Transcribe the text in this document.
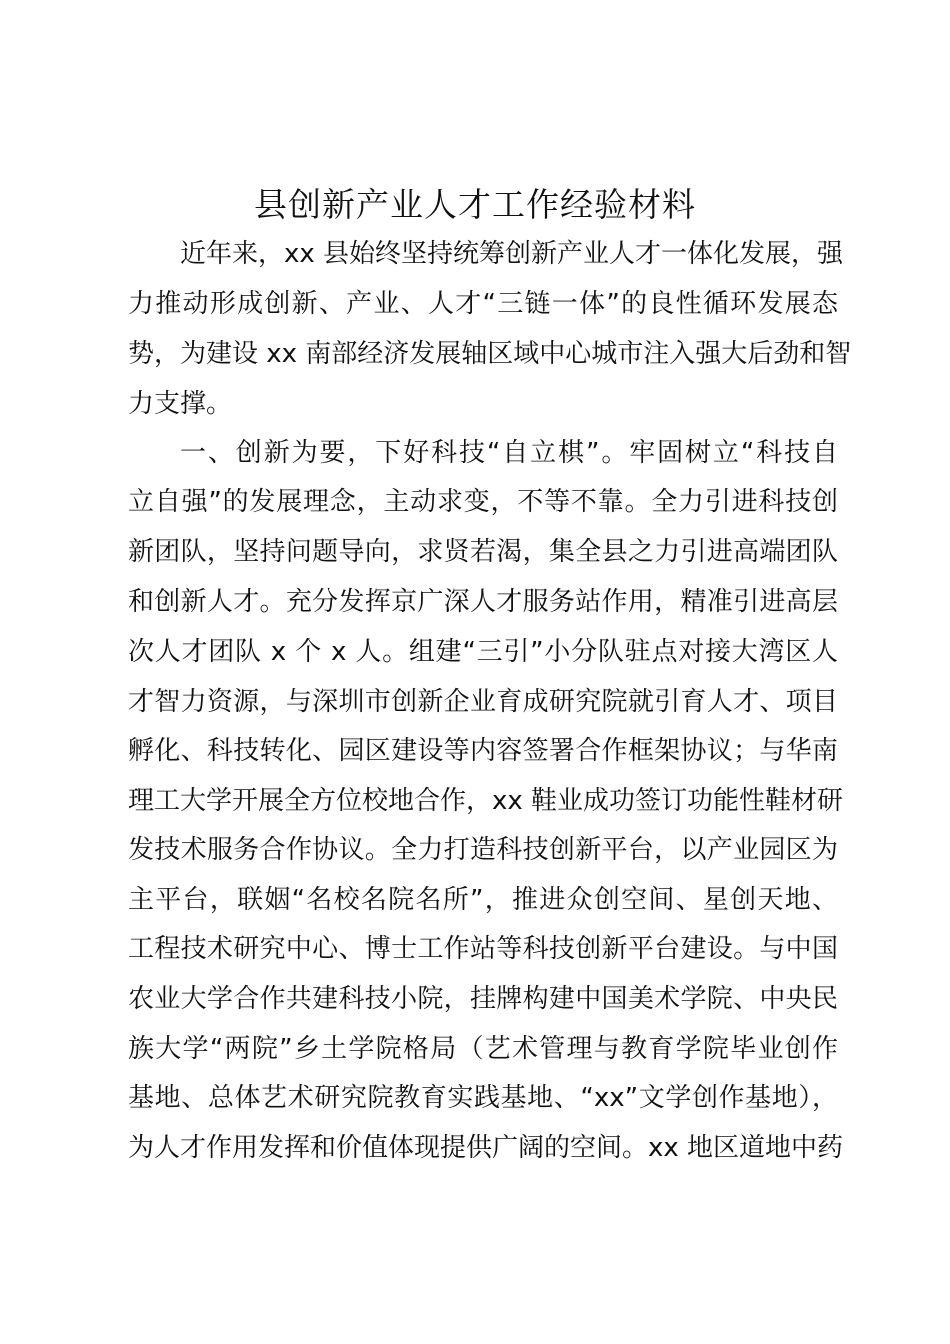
县创新产业人才工作经验材料
近年来，xx 县始终坚持统筹创新产业人才一体化发展，强
力推动形成创新、产业、人才“三链一体”的良性循环发展态
势，为建设 xx 南部经济发展轴区域中心城市注入强大后劲和智
力支撑。
一、创新为要，下好科技“自立棋”。牢固树立“科技自
立自强”的发展理念，主动求变，不等不靠。全力引进科技创
新团队，坚持问题导向，求贤若渴，集全县之力引进高端团队
和创新人才。充分发挥京广深人才服务站作用，精准引进高层
次人才团队 x 个 x 人。组建“三引”小分队驻点对接大湾区人
才智力资源，与深圳市创新企业育成研究院就引育人才、项目
孵化、科技转化、园区建设等内容签署合作框架协议；与华南
理工大学开展全方位校地合作，xx 鞋业成功签订功能性鞋材研
发技术服务合作协议。全力打造科技创新平台，以产业园区为
主平台，联姻“名校名院名所”，推进众创空间、星创天地、
工程技术研究中心、博士工作站等科技创新平台建设。与中国
农业大学合作共建科技小院，挂牌构建中国美术学院、中央民
族大学“两院”乡土学院格局（艺术管理与教育学院毕业创作
基地、总体艺术研究院教育实践基地、“xx”文学创作基地），
为人才作用发挥和价值体现提供广阔的空间。xx 地区道地中药
